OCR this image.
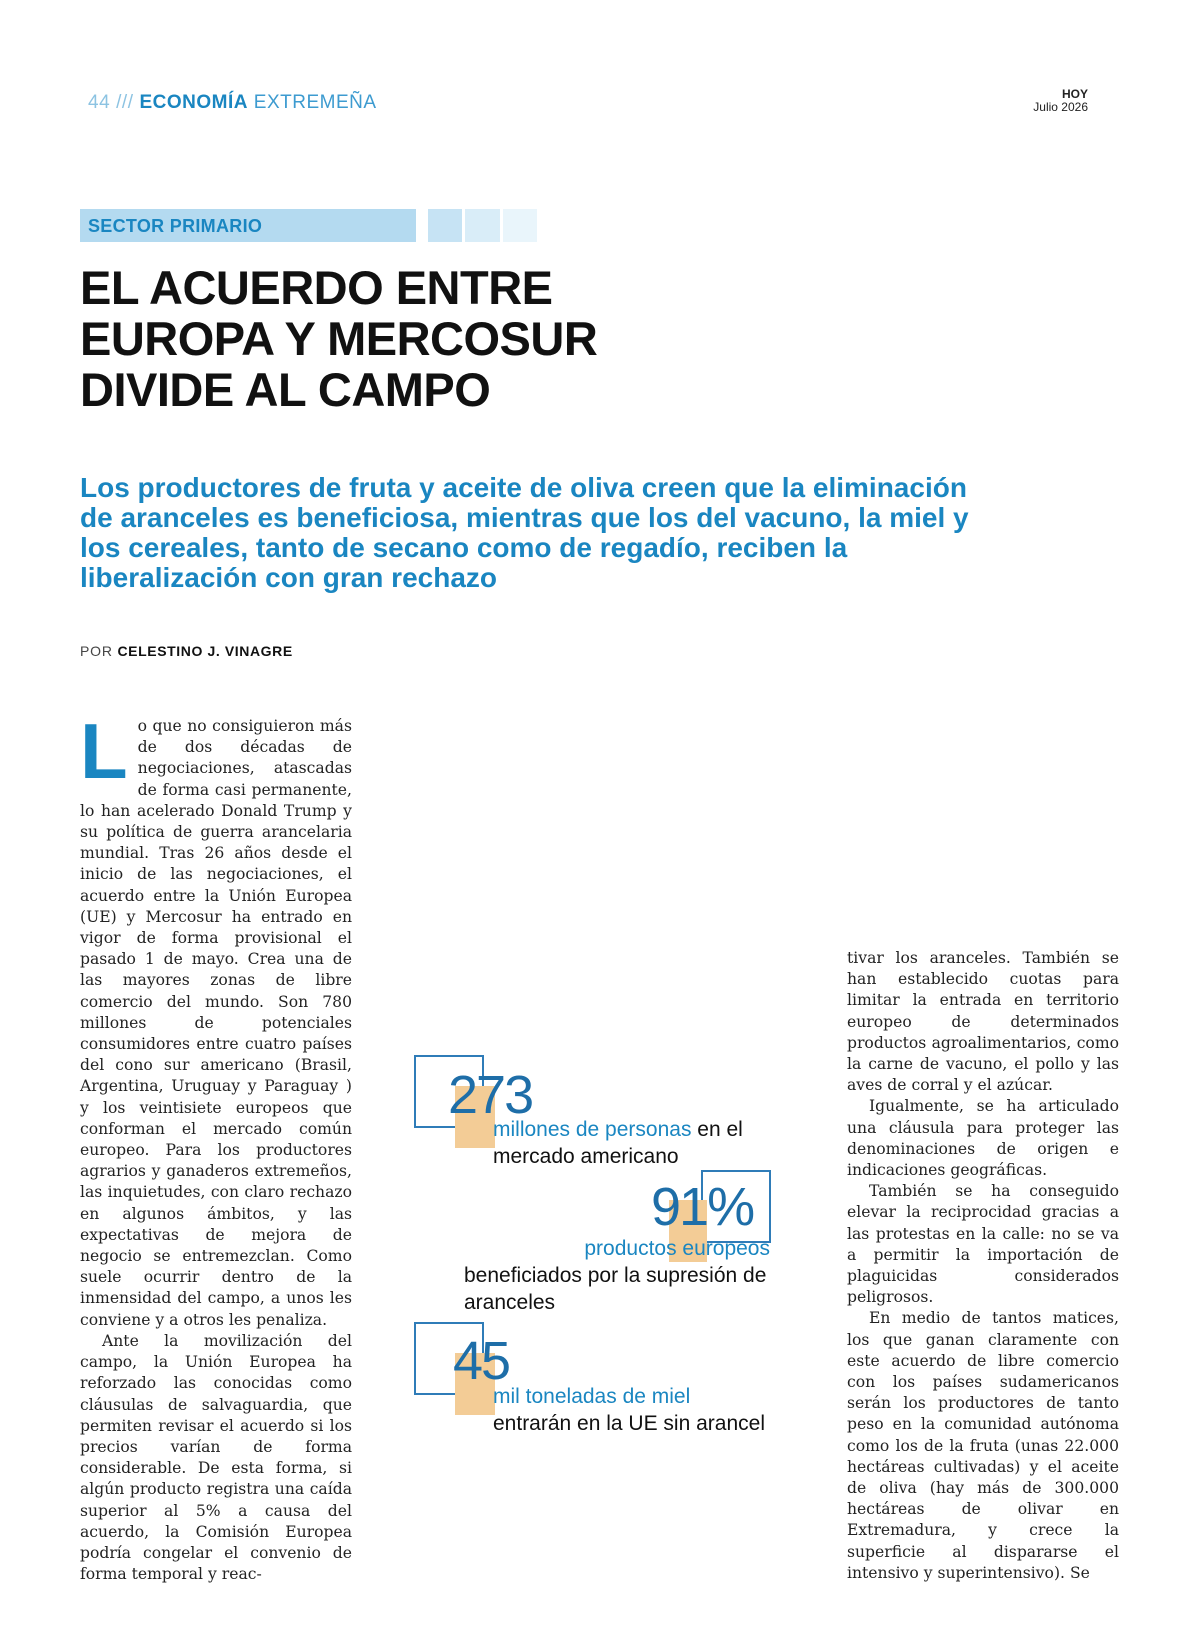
44 /// ECONOMÍA EXTREMEÑA	HOY
Julio 2026
SECTOR PRIMARIO
EL ACUERDO ENTRE
EUROPA Y MERCOSUR
DIVIDE AL CAMPO

Los productores de fruta y aceite de oliva creen que la eliminación de aranceles es beneficiosa, mientras que los del vacuno, la miel y los cereales, tanto de secano como de regadío, reciben la liberalización con gran rechazo

POR CELESTINO J. VINAGRE
L o que no consiguieron más de dos décadas de negociaciones, atascadas de forma casi permanente, lo han acelerado Donald Trump y su política de guerra arancelaria mundial. Tras 26 años desde el inicio de las negociaciones, el acuerdo entre la Unión Europea (UE) y Mercosur ha entrado en vigor de forma provisional el pasado 1 de mayo. Crea una de las mayores zonas de libre comercio del mundo. Son 780 millones de potenciales consumidores entre cuatro países del cono sur americano (Brasil, Argentina, Uruguay y Paraguay ) y los veintisiete europeos que conforman el mercado común europeo. Para los productores agrarios y ganaderos extremeños, las inquietudes, con claro rechazo en algunos ámbitos, y las expectativas de mejora de negocio se entremezclan. Como suele ocurrir dentro de la inmensidad del campo, a unos les conviene y a otros les penaliza.

Ante la movilización del campo, la Unión Europea ha reforzado las conocidas como cláusulas de salvaguardia, que permiten revisar el acuerdo si los precios varían de forma considerable. De esta forma, si algún producto registra una caída superior al 5% a causa del acuerdo, la Comisión Europea podría congelar el convenio de forma temporal y reac-

273
millones de personas en el
mercado americano
91%
productos europeos
beneficiados por la supresión de
aranceles
45
mil toneladas de miel
entrarán en la UE sin arancel

tivar los aranceles. También se han establecido cuotas para limitar la entrada en territorio europeo de determinados productos agroalimentarios, como la carne de vacuno, el pollo y las aves de corral y el azúcar.

Igualmente, se ha articulado una cláusula para proteger las denominaciones de origen e indicaciones geográficas.

También se ha conseguido elevar la reciprocidad gracias a las protestas en la calle: no se va a permitir la importación de plaguicidas considerados peligrosos.

En medio de tantos matices, los que ganan claramente con este acuerdo de libre comercio con los países sudamericanos serán los productores de tanto peso en la comunidad autónoma como los de la fruta (unas 22.000 hectáreas cultivadas) y el aceite de oliva (hay más de 300.000 hectáreas de olivar en Extremadura, y crece la superficie al dispararse el intensivo y superintensivo). Se
